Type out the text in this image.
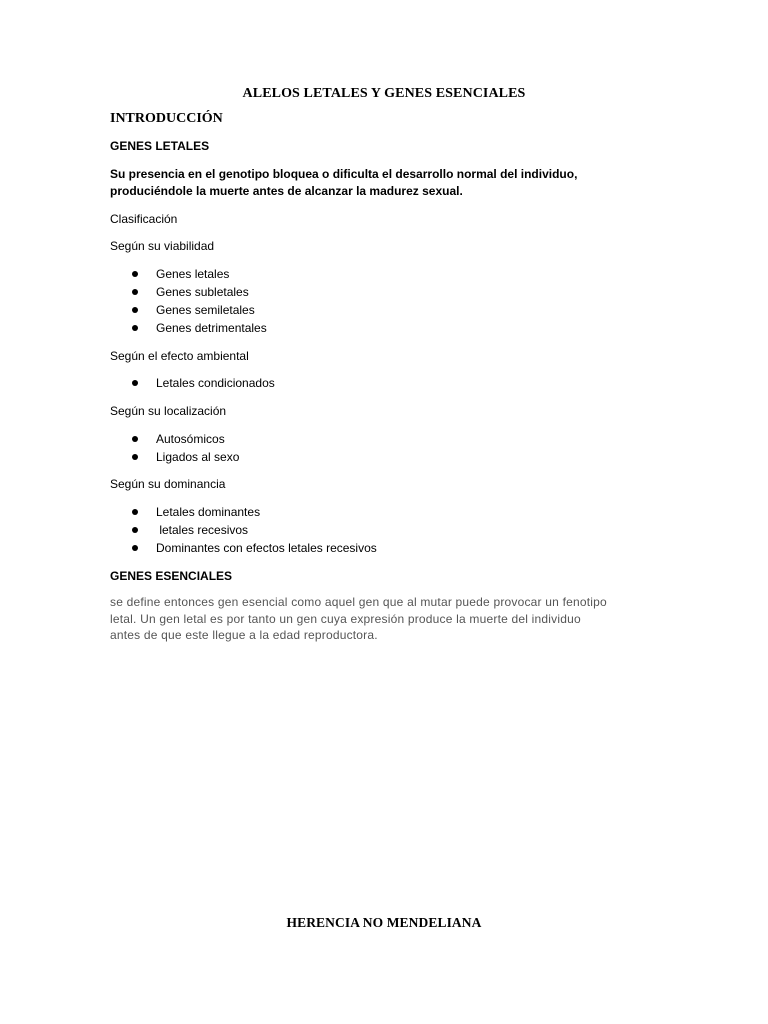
ALELOS LETALES Y GENES ESENCIALES
INTRODUCCIÓN
GENES LETALES
Su presencia en el genotipo bloquea o dificulta el desarrollo normal del individuo,
produciéndole la muerte antes de alcanzar la madurez sexual.
Clasificación
Según su viabilidad
Genes letales
Genes subletales
Genes semiletales
Genes detrimentales
Según el efecto ambiental
Letales condicionados
Según su localización
Autosómicos
Ligados al sexo
Según su dominancia
Letales dominantes
letales recesivos
Dominantes con efectos letales recesivos
GENES ESENCIALES
se define entonces gen esencial como aquel gen que al mutar puede provocar un fenotipo
letal. Un gen letal es por tanto un gen cuya expresión produce la muerte del individuo
antes de que este llegue a la edad reproductora.
HERENCIA NO MENDELIANA
